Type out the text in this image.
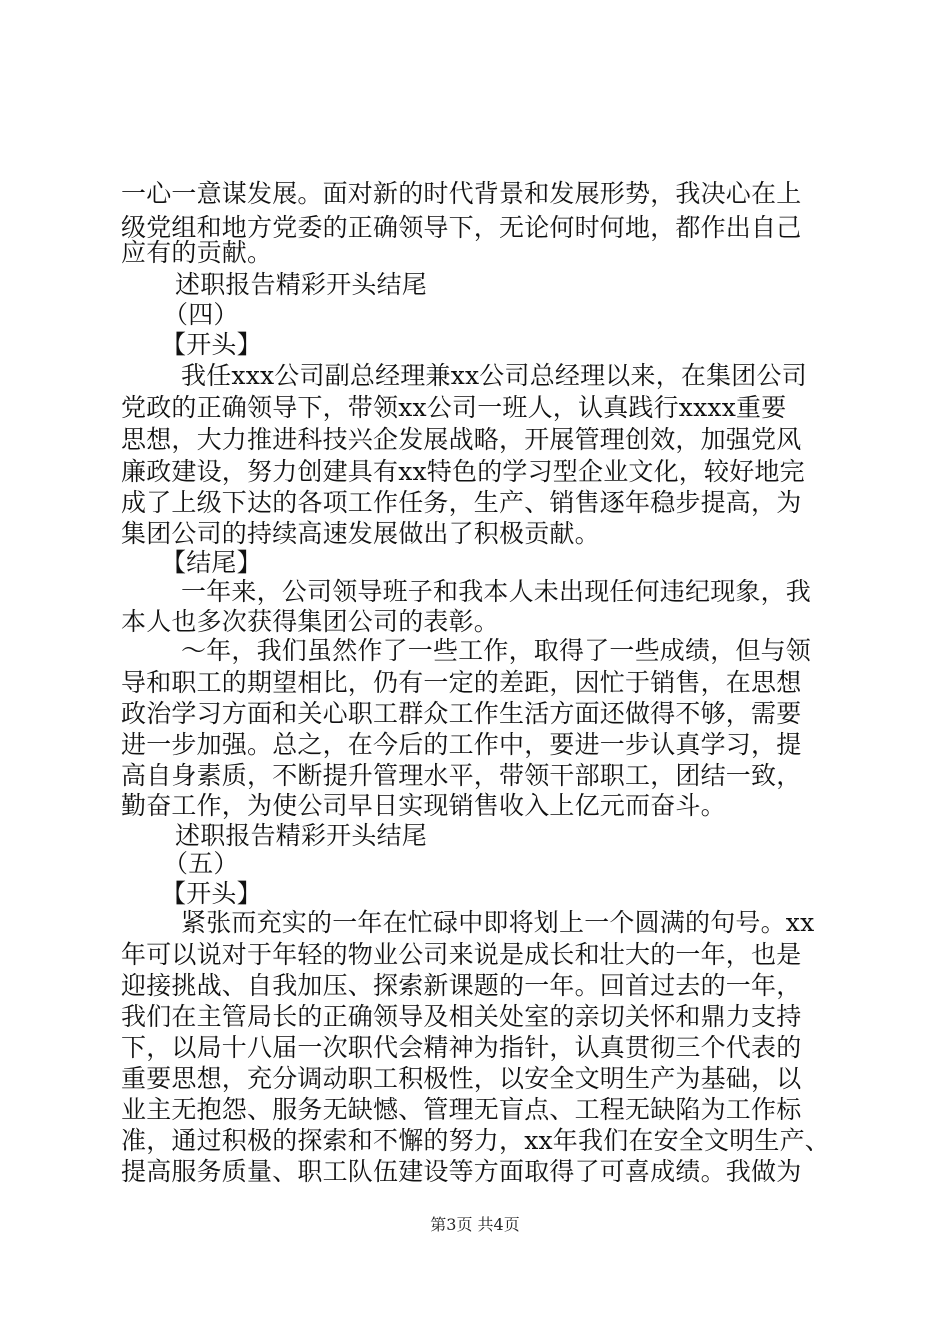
一心一意谋发展。面对新的时代背景和发展形势，我决心在上
级党组和地方党委的正确领导下，无论何时何地，都作出自己
应有的贡献。
述职报告精彩开头结尾
（四）
【开头】
我任xxx公司副总经理兼xx公司总经理以来，在集团公司
党政的正确领导下，带领xx公司一班人，认真践行xxxx重要
思想，大力推进科技兴企发展战略，开展管理创效，加强党风
廉政建设，努力创建具有xx特色的学习型企业文化，较好地完
成了上级下达的各项工作任务，生产、销售逐年稳步提高，为
集团公司的持续高速发展做出了积极贡献。
【结尾】
一年来，公司领导班子和我本人未出现任何违纪现象，我
本人也多次获得集团公司的表彰。
～年，我们虽然作了一些工作，取得了一些成绩，但与领
导和职工的期望相比，仍有一定的差距，因忙于销售，在思想
政治学习方面和关心职工群众工作生活方面还做得不够，需要
进一步加强。总之，在今后的工作中，要进一步认真学习，提
高自身素质，不断提升管理水平，带领干部职工，团结一致，
勤奋工作，为使公司早日实现销售收入上亿元而奋斗。
述职报告精彩开头结尾
（五）
【开头】
紧张而充实的一年在忙碌中即将划上一个圆满的句号。xx
年可以说对于年轻的物业公司来说是成长和壮大的一年，也是
迎接挑战、自我加压、探索新课题的一年。回首过去的一年，
我们在主管局长的正确领导及相关处室的亲切关怀和鼎力支持
下，以局十八届一次职代会精神为指针，认真贯彻三个代表的
重要思想，充分调动职工积极性，以安全文明生产为基础，以
业主无抱怨、服务无缺憾、管理无盲点、工程无缺陷为工作标
准，通过积极的探索和不懈的努力，xx年我们在安全文明生产、
提高服务质量、职工队伍建设等方面取得了可喜成绩。我做为
第3页 共4页
